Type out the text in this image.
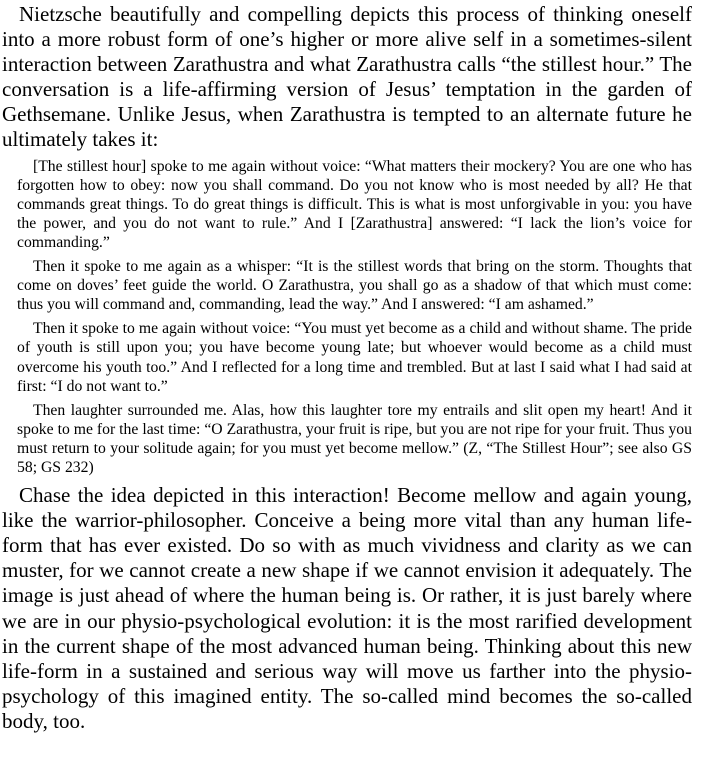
Nietzsche beautifully and compelling depicts this process of thinking oneself into a more robust form of one’s higher or more alive self in a sometimes-silent interaction between Zarathustra and what Zarathustra calls “the stillest hour.” The conversation is a life-affirming version of Jesus’ temptation in the garden of Gethsemane. Unlike Jesus, when Zarathustra is tempted to an alternate future he ultimately takes it:

[The stillest hour] spoke to me again without voice: “What matters their mockery? You are one who has forgotten how to obey: now you shall command. Do you not know who is most needed by all? He that commands great things. To do great things is difficult. This is what is most unforgivable in you: you have the power, and you do not want to rule.” And I [Zarathustra] answered: “I lack the lion’s voice for commanding.”

Then it spoke to me again as a whisper: “It is the stillest words that bring on the storm. Thoughts that come on doves’ feet guide the world. O Zarathustra, you shall go as a shadow of that which must come: thus you will command and, commanding, lead the way.” And I answered: “I am ashamed.”

Then it spoke to me again without voice: “You must yet become as a child and without shame. The pride of youth is still upon you; you have become young late; but whoever would become as a child must overcome his youth too.” And I reflected for a long time and trembled. But at last I said what I had said at first: “I do not want to.”

Then laughter surrounded me. Alas, how this laughter tore my entrails and slit open my heart! And it spoke to me for the last time: “O Zarathustra, your fruit is ripe, but you are not ripe for your fruit. Thus you must return to your solitude again; for you must yet become mellow.” (Z, “The Stillest Hour”; see also GS 58; GS 232)

Chase the idea depicted in this interaction! Become mellow and again young, like the warrior-philosopher. Conceive a being more vital than any human life-form that has ever existed. Do so with as much vividness and clarity as we can muster, for we cannot create a new shape if we cannot envision it adequately. The image is just ahead of where the human being is. Or rather, it is just barely where we are in our physio-psychological evolution: it is the most rarified development in the current shape of the most advanced human being. Thinking about this new life-form in a sustained and serious way will move us farther into the physio-psychology of this imagined entity. The so-called mind becomes the so-called body, too.
